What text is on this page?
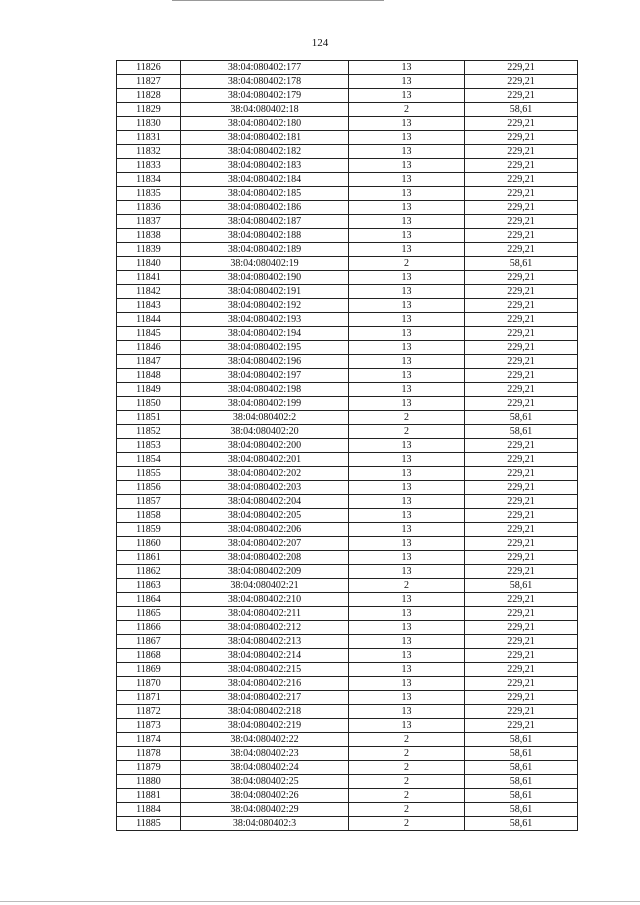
124
11826	38:04:080402:177	13	229,21
11827	38:04:080402:178	13	229,21
11828	38:04:080402:179	13	229,21
11829	38:04:080402:18	2	58,61
11830	38:04:080402:180	13	229,21
11831	38:04:080402:181	13	229,21
11832	38:04:080402:182	13	229,21
11833	38:04:080402:183	13	229,21
11834	38:04:080402:184	13	229,21
11835	38:04:080402:185	13	229,21
11836	38:04:080402:186	13	229,21
11837	38:04:080402:187	13	229,21
11838	38:04:080402:188	13	229,21
11839	38:04:080402:189	13	229,21
11840	38:04:080402:19	2	58,61
11841	38:04:080402:190	13	229,21
11842	38:04:080402:191	13	229,21
11843	38:04:080402:192	13	229,21
11844	38:04:080402:193	13	229,21
11845	38:04:080402:194	13	229,21
11846	38:04:080402:195	13	229,21
11847	38:04:080402:196	13	229,21
11848	38:04:080402:197	13	229,21
11849	38:04:080402:198	13	229,21
11850	38:04:080402:199	13	229,21
11851	38:04:080402:2	2	58,61
11852	38:04:080402:20	2	58,61
11853	38:04:080402:200	13	229,21
11854	38:04:080402:201	13	229,21
11855	38:04:080402:202	13	229,21
11856	38:04:080402:203	13	229,21
11857	38:04:080402:204	13	229,21
11858	38:04:080402:205	13	229,21
11859	38:04:080402:206	13	229,21
11860	38:04:080402:207	13	229,21
11861	38:04:080402:208	13	229,21
11862	38:04:080402:209	13	229,21
11863	38:04:080402:21	2	58,61
11864	38:04:080402:210	13	229,21
11865	38:04:080402:211	13	229,21
11866	38:04:080402:212	13	229,21
11867	38:04:080402:213	13	229,21
11868	38:04:080402:214	13	229,21
11869	38:04:080402:215	13	229,21
11870	38:04:080402:216	13	229,21
11871	38:04:080402:217	13	229,21
11872	38:04:080402:218	13	229,21
11873	38:04:080402:219	13	229,21
11874	38:04:080402:22	2	58,61
11878	38:04:080402:23	2	58,61
11879	38:04:080402:24	2	58,61
11880	38:04:080402:25	2	58,61
11881	38:04:080402:26	2	58,61
11884	38:04:080402:29	2	58,61
11885	38:04:080402:3	2	58,61
